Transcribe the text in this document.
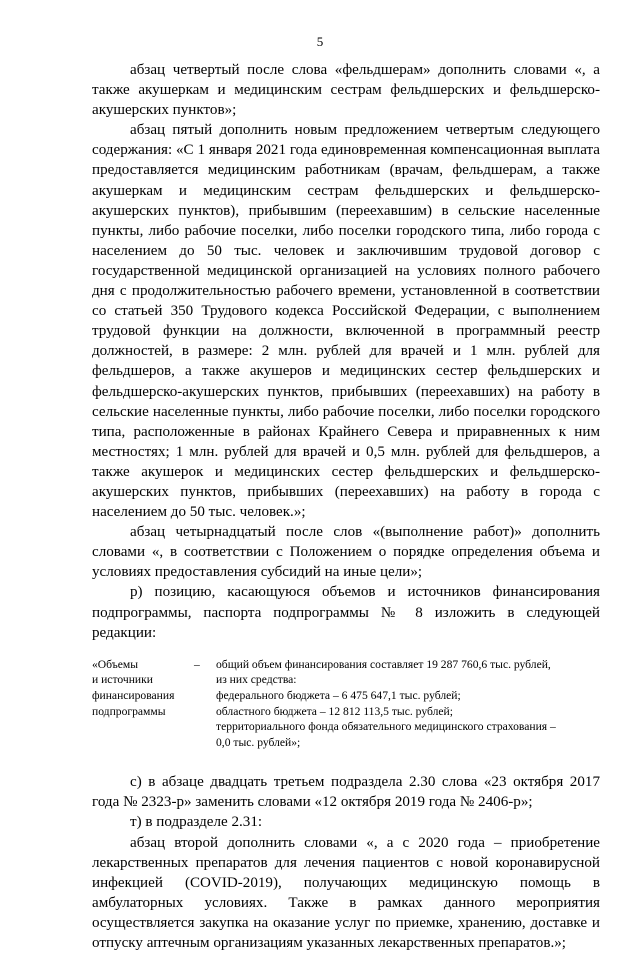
5

абзац четвертый после слова «фельдшерам» дополнить словами «, а также акушеркам и медицинским сестрам фельдшерских и фельдшерско-акушерских пунктов»;

абзац пятый дополнить новым предложением четвертым следующего содержания: «С 1 января 2021 года единовременная компенсационная выплата предоставляется медицинским работникам (врачам, фельдшерам, а также акушеркам и медицинским сестрам фельдшерских и фельдшерско-акушерских пунктов), прибывшим (переехавшим) в сельские населенные пункты, либо рабочие поселки, либо поселки городского типа, либо города с населением до 50 тыс. человек и заключившим трудовой договор с государственной медицинской организацией на условиях полного рабочего дня с продолжительностью рабочего времени, установленной в соответствии со статьей 350 Трудового кодекса Российской Федерации, с выполнением трудовой функции на должности, включенной в программный реестр должностей, в размере: 2 млн. рублей для врачей и 1 млн. рублей для фельдшеров, а также акушеров и медицинских сестер фельдшерских и фельдшерско-акушерских пунктов, прибывших (переехавших) на работу в сельские населенные пункты, либо рабочие поселки, либо поселки городского типа, расположенные в районах Крайнего Севера и приравненных к ним местностях; 1 млн. рублей для врачей и 0,5 млн. рублей для фельдшеров, а также акушерок и медицинских сестер фельдшерских и фельдшерско-акушерских пунктов, прибывших (переехавших) на работу в города с населением до 50 тыс. человек.»;

абзац четырнадцатый после слов «(выполнение работ)» дополнить словами «, в соответствии с Положением о порядке определения объема и условиях предоставления субсидий на иные цели»;

р) позицию, касающуюся объемов и источников финансирования подпрограммы, паспорта подпрограммы № 8 изложить в следующей редакции:

«Объемы
и источники
финансирования
подпрограммы
–	общий объем финансирования составляет 19 287 760,6 тыс. рублей,
из них средства:
федерального бюджета – 6 475 647,1 тыс. рублей;
областного бюджета – 12 812 113,5 тыс. рублей;
территориального фонда обязательного медицинского страхования –
0,0 тыс. рублей»;

с) в абзаце двадцать третьем подраздела 2.30 слова «23 октября 2017 года № 2323-р» заменить словами «12 октября 2019 года № 2406-р»;

т) в подразделе 2.31:

абзац второй дополнить словами «, а с 2020 года – приобретение лекарственных препаратов для лечения пациентов с новой коронавирусной инфекцией (COVID-2019), получающих медицинскую помощь в амбулаторных условиях. Также в рамках данного мероприятия осуществляется закупка на оказание услуг по приемке, хранению, доставке и отпуску аптечным организациям указанных лекарственных препаратов.»;
